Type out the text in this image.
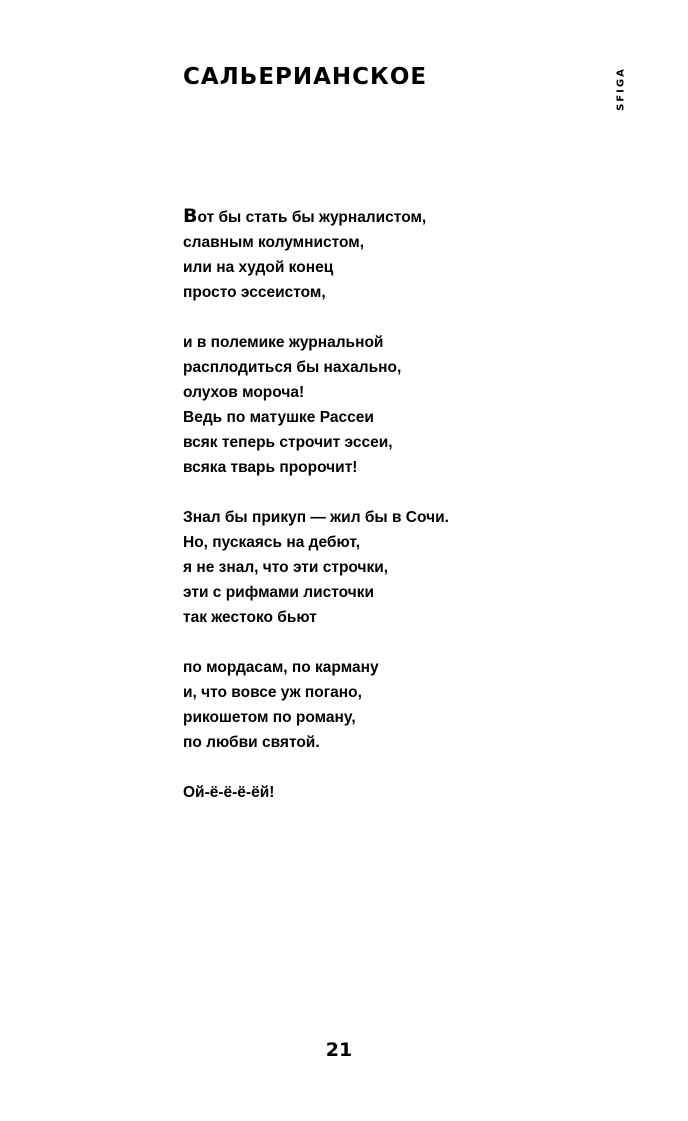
САЛЬЕРИАНСКОЕ	SFIGA
Вот бы стать бы журналистом,
славным колумнистом,
или на худой конец
просто эссеистом,
и в полемике журнальной
расплодиться бы нахально,
олухов мороча!
Ведь по матушке Рассеи
всяк теперь строчит эссеи,
всяка тварь пророчит!
Знал бы прикуп — жил бы в Сочи.
Но, пускаясь на дебют,
я не знал, что эти строчки,
эти с рифмами листочки
так жестоко бьют
по мордасам, по карману
и, что вовсе уж погано,
рикошетом по роману,
по любви святой.
Ой-ё-ё-ё-ёй!
21
